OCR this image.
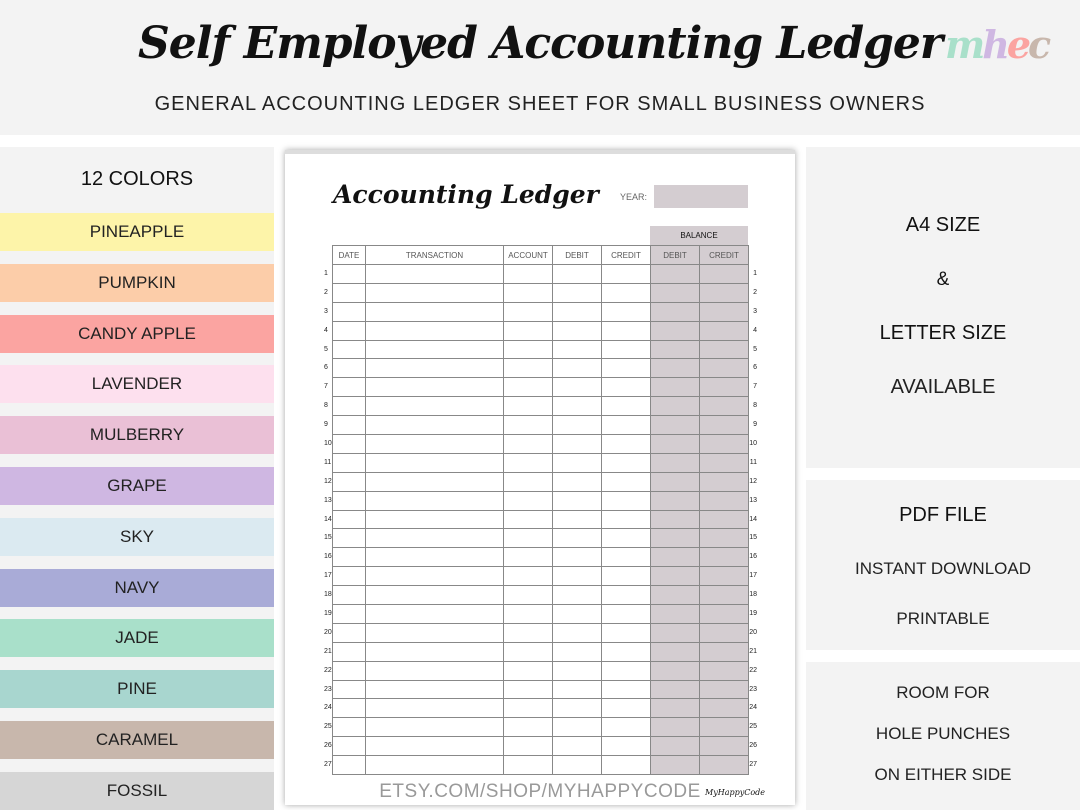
Self Employed Accounting Ledger
GENERAL ACCOUNTING LEDGER SHEET FOR SMALL BUSINESS OWNERS
mhec
12 COLORS
PINEAPPLE
PUMPKIN
CANDY APPLE
LAVENDER
MULBERRY
GRAPE
SKY
NAVY
JADE
PINE
CARAMEL
FOSSIL
Accounting Ledger YEAR:
BALANCE
DATE	TRANSACTION	ACCOUNT	DEBIT	CREDIT	DEBIT	CREDIT

1						1

2						2

3						3

4						4

5						5

6						6

7						7

8						8

9						9

10						10

11						11

12						12

13						13

14						14

15						15

16						16

17						17

18						18

19						19

20						20

21						21

22						22

23						23

24						24

25						25

26						26

27						27
ETSY.COM/SHOP/MYHAPPYCODE MyHappyCode
A4 SIZE
&
LETTER SIZE
AVAILABLE
PDF FILE
INSTANT DOWNLOAD
PRINTABLE
ROOM FOR
HOLE PUNCHES
ON EITHER SIDE
